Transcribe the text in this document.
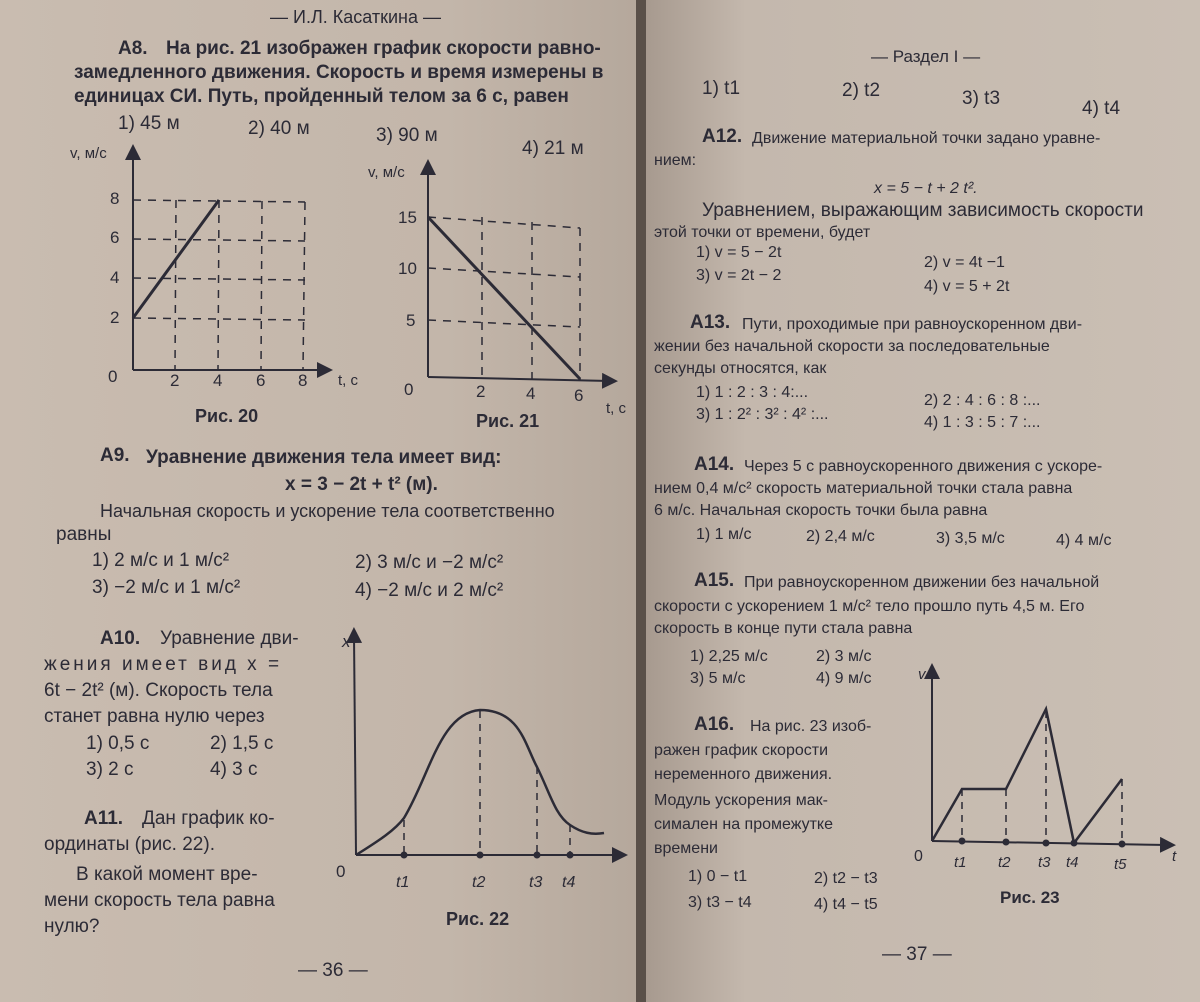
— И.Л. Касаткина —
А8. На рис. 21 изображен график скорости равно-
замедленного движения. Скорость и время измерены в
единицах СИ. Путь, пройденный телом за 6 с, равен
1) 45 м	2) 40 м	3) 90 м
4) 21 м
v, м/с
8
6
4
2
0	2 4 6 8 t, с
Рис. 20
v, м/с
15
10
5
0	2 4 6
t, с
Рис. 21
А9. Уравнение движения тела имеет вид:
x = 3 − 2t + t² (м).
Начальная скорость и ускорение тела соответственно
равны
1) 2 м/с и 1 м/с²	2) 3 м/с и −2 м/с²
3) −2 м/с и 1 м/с²	4) −2 м/с и 2 м/с²
А10. Уравнение дви-
жения имеет вид x =
6t − 2t² (м). Скорость тела
станет равна нулю через
1) 0,5 с	2) 1,5 с
3) 2 с	4) 3 с
А11. Дан график ко-
ординаты (рис. 22).
В какой момент вре-
мени скорость тела равна
нулю?
x
0
t1	t2	t3 t4
Рис. 22
— 36 —
— Раздел I —
1) t1	2) t2	3) t3	4) t4
А12. Движение материальной точки задано уравне-
нием:
x = 5 − t + 2 t².
Уравнением, выражающим зависимость скорости
этой точки от времени, будет
1) v = 5 − 2t
2) v = 4t −1
3) v = 2t − 2
4) v = 5 + 2t
А13. Пути, проходимые при равноускоренном дви-
жении без начальной скорости за последовательные
секунды относятся, как
1) 1 : 2 : 3 : 4:...	2) 2 : 4 : 6 : 8 :...
3) 1 : 2² : 3² : 4² :...	4) 1 : 3 : 5 : 7 :...
А14. Через 5 с равноускоренного движения с ускоре-
нием 0,4 м/с² скорость материальной точки стала равна
6 м/с. Начальная скорость точки была равна
1) 1 м/с	2) 2,4 м/с	3) 3,5 м/с	4) 4 м/с
А15. При равноускоренном движении без начальной
скорости с ускорением 1 м/с² тело прошло путь 4,5 м. Его
скорость в конце пути стала равна
1) 2,25 м/с	2) 3 м/с
3) 5 м/с	4) 9 м/с
А16. На рис. 23 изоб-
ражен график скорости
неременного движения.
Модуль ускорения мак-
симален на промежутке
времени
1) 0 − t1	2) t2 − t3
3) t3 − t4	4) t4 − t5
v
0 t1 t2 t3 t4 t5	t
Рис. 23
— 37 —
